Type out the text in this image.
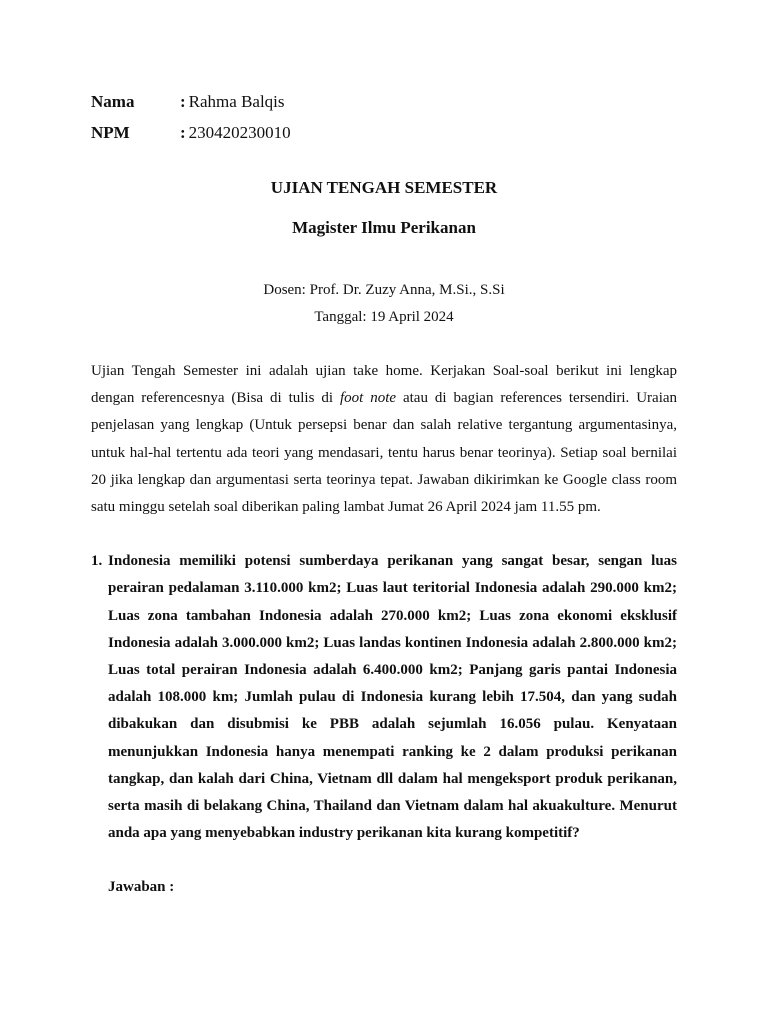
Nama	: Rahma Balqis
NPM	: 230420230010

UJIAN TENGAH SEMESTER

Magister Ilmu Perikanan

Dosen: Prof. Dr. Zuzy Anna, M.Si., S.Si
Tanggal: 19 April 2024

Ujian Tengah Semester ini adalah ujian take home. Kerjakan Soal-soal berikut ini lengkap dengan referencesnya (Bisa di tulis di foot note atau di bagian references tersendiri. Uraian penjelasan yang lengkap (Untuk persepsi benar dan salah relative tergantung argumentasinya, untuk hal-hal tertentu ada teori yang mendasari, tentu harus benar teorinya). Setiap soal bernilai 20 jika lengkap dan argumentasi serta teorinya tepat. Jawaban dikirimkan ke Google class room satu minggu setelah soal diberikan paling lambat Jumat 26 April 2024 jam 11.55 pm.

1. Indonesia memiliki potensi sumberdaya perikanan yang sangat besar, sengan luas perairan pedalaman 3.110.000 km2; Luas laut teritorial Indonesia adalah 290.000 km2; Luas zona tambahan Indonesia adalah 270.000 km2; Luas zona ekonomi eksklusif Indonesia adalah 3.000.000 km2; Luas landas kontinen Indonesia adalah 2.800.000 km2; Luas total perairan Indonesia adalah 6.400.000 km2; Panjang garis pantai Indonesia adalah 108.000 km; Jumlah pulau di Indonesia kurang lebih 17.504, dan yang sudah dibakukan dan disubmisi ke PBB adalah sejumlah 16.056 pulau. Kenyataan menunjukkan Indonesia hanya menempati ranking ke 2 dalam produksi perikanan tangkap, dan kalah dari China, Vietnam dll dalam hal mengeksport produk perikanan, serta masih di belakang China, Thailand dan Vietnam dalam hal akuakulture. Menurut anda apa yang menyebabkan industry perikanan kita kurang kompetitif?
Jawaban :
